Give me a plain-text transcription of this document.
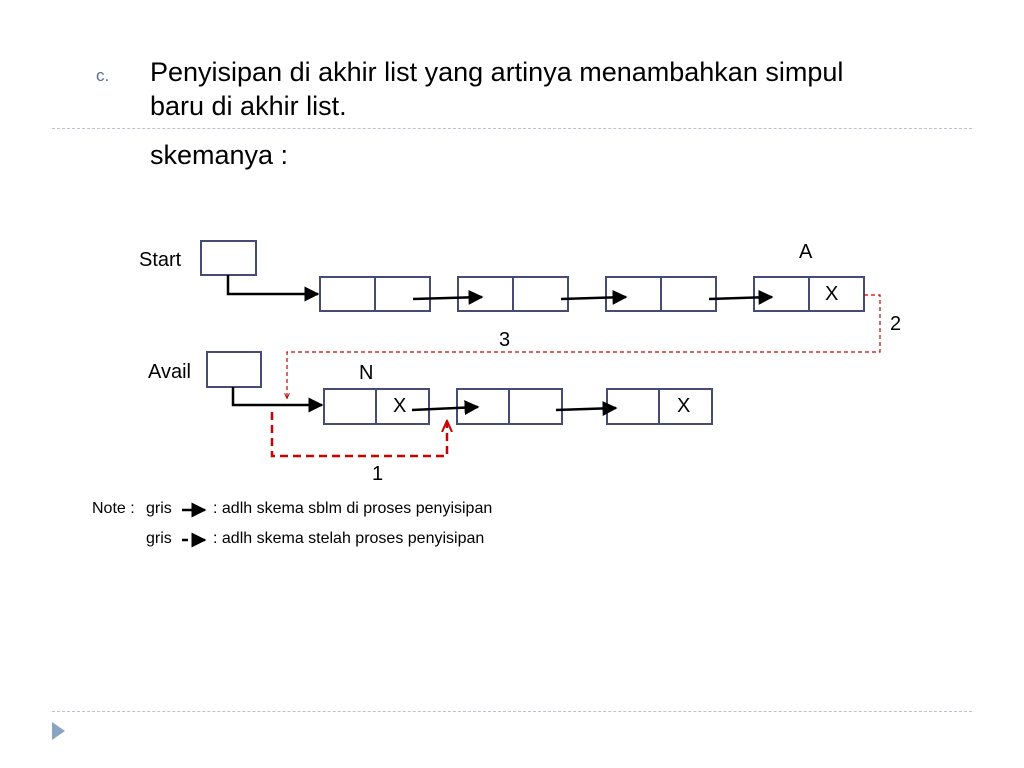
c. Penyisipan di akhir list yang artinya menambahkan simpul
baru di akhir list.
skemanya :
Start
Avail
A
N
X
X	X
1
2
3
Note : gris	: adlh skema sblm di proses penyisipan
gris	: adlh skema stelah proses penyisipan
